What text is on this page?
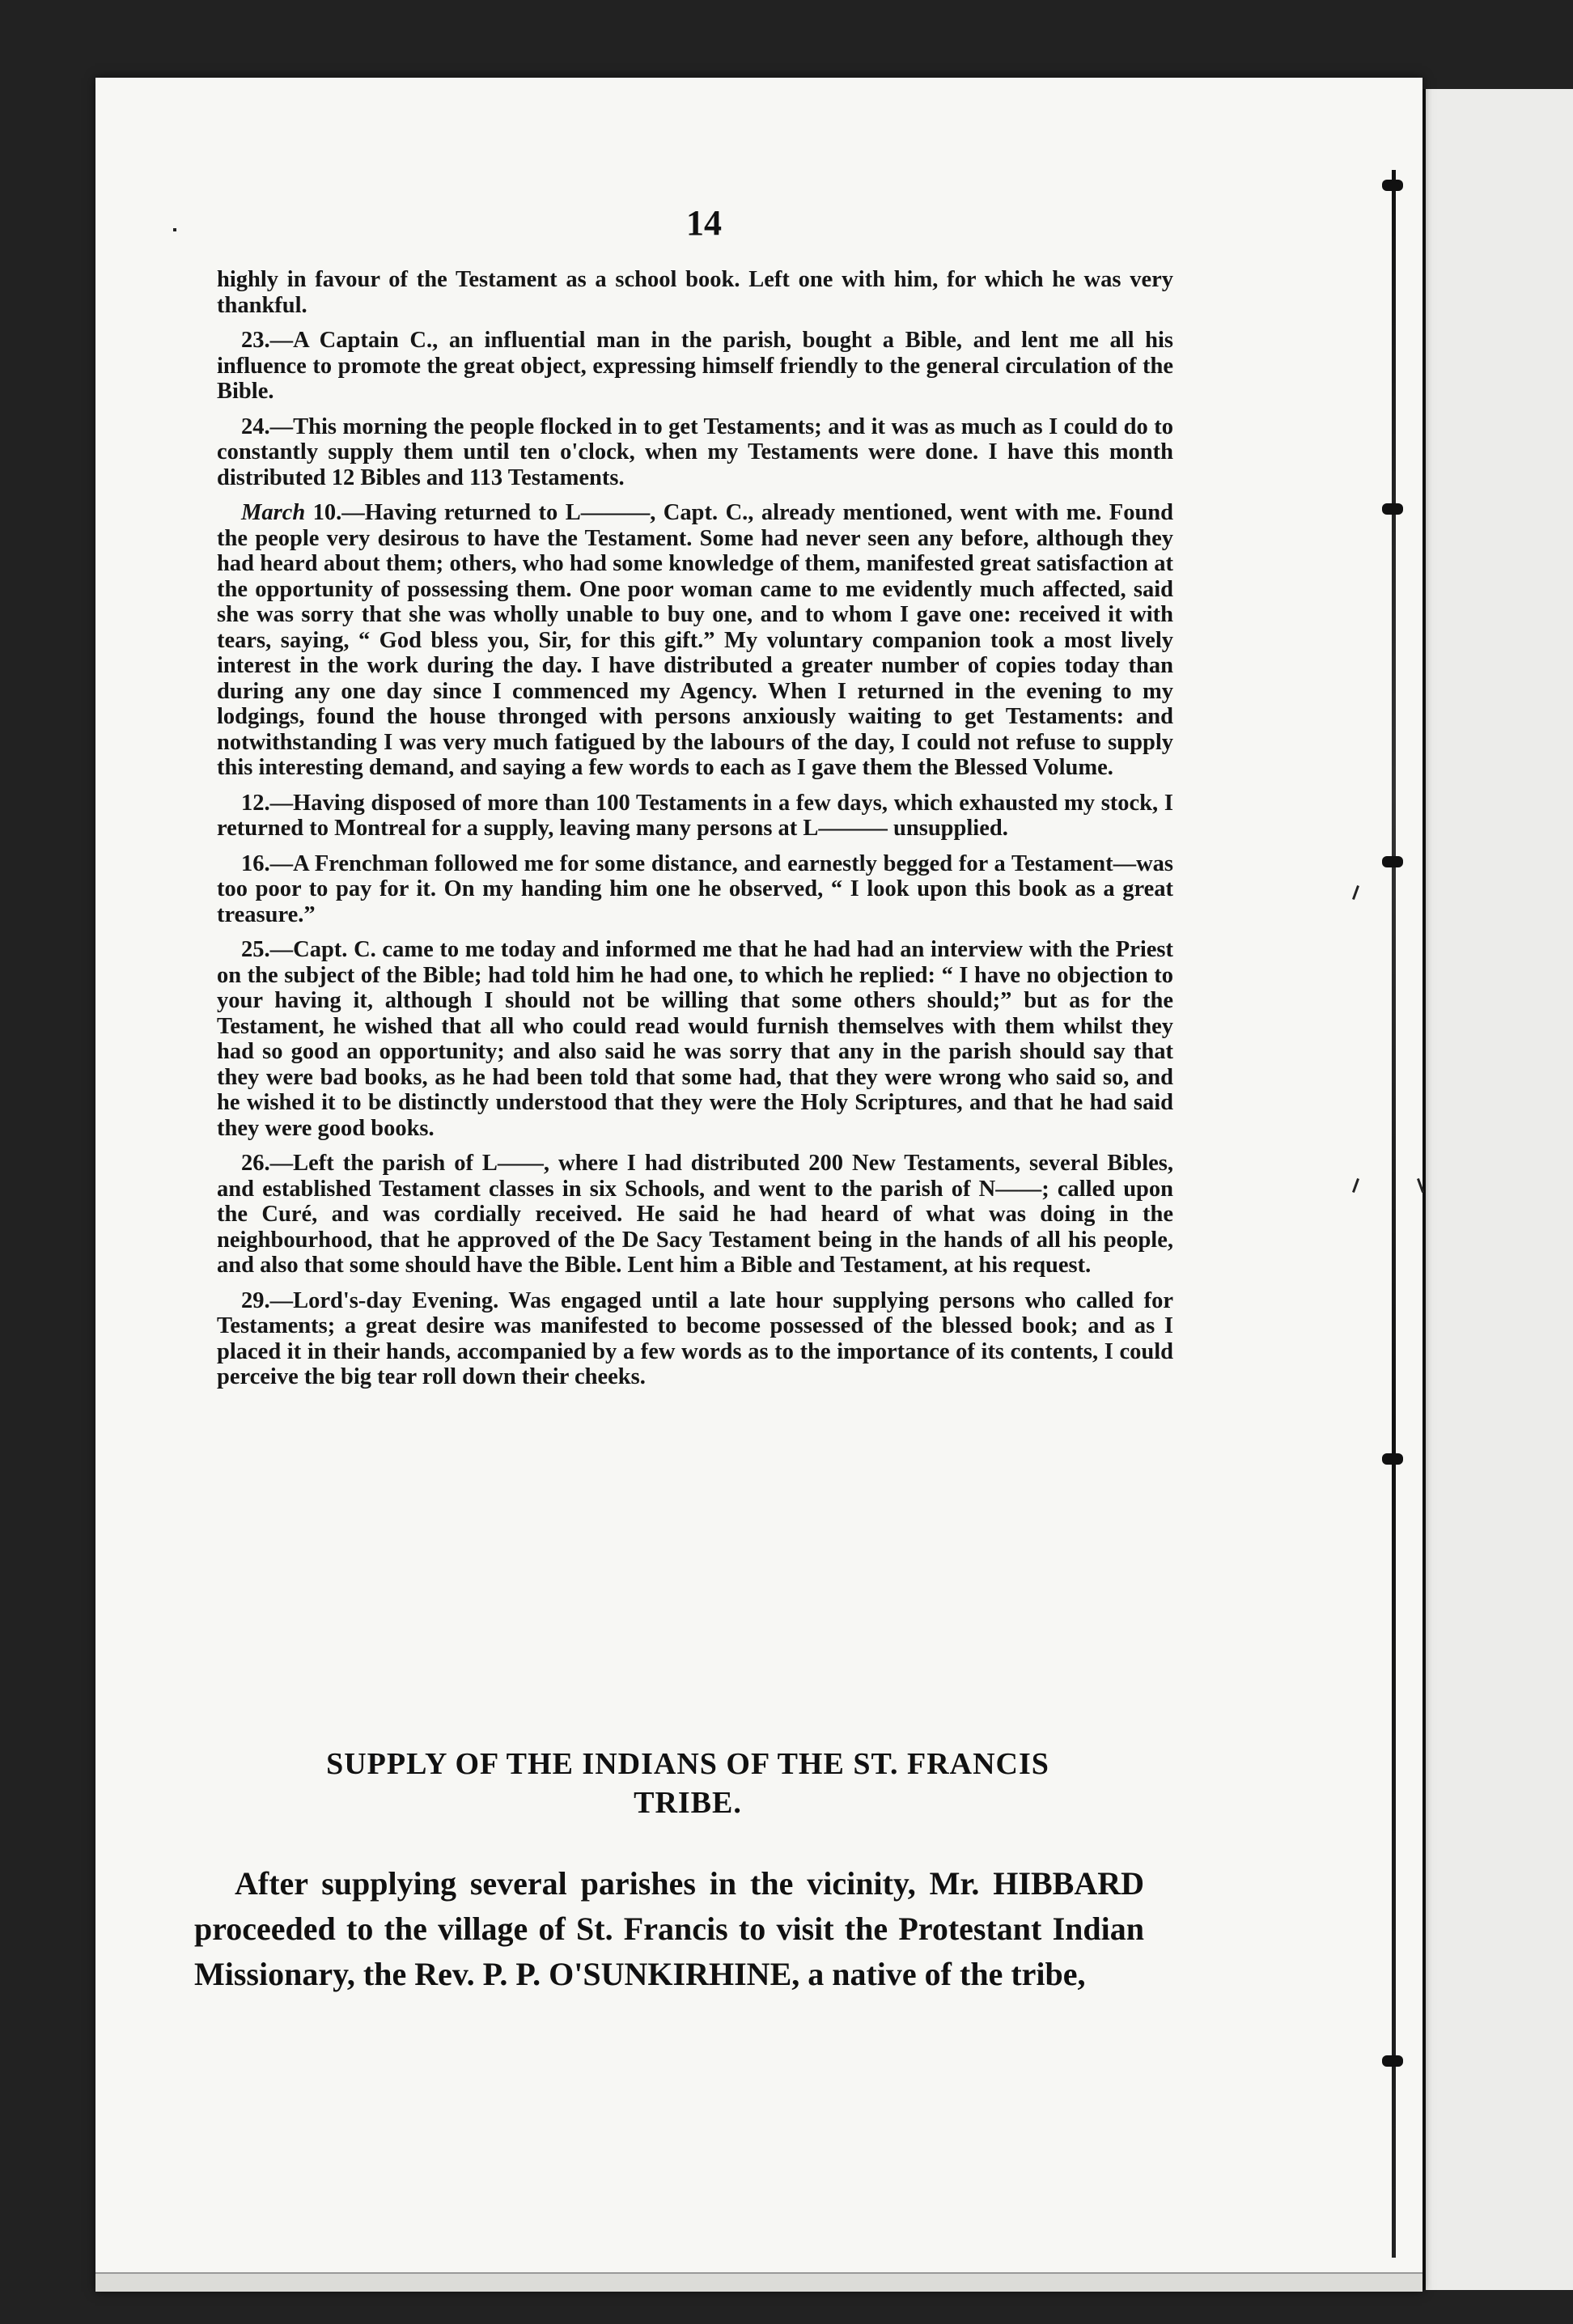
14

highly in favour of the Testament as a school book. Left one with him, for which he was very thankful.

23.—A Captain C., an influential man in the parish, bought a Bible, and lent me all his influence to promote the great object, expressing himself friendly to the general circulation of the Bible.

24.—This morning the people flocked in to get Testaments; and it was as much as I could do to constantly supply them until ten o'clock, when my Testaments were done. I have this month distributed 12 Bibles and 113 Testaments.

March 10.—Having returned to L———, Capt. C., already mentioned, went with me. Found the people very desirous to have the Testament. Some had never seen any before, although they had heard about them; others, who had some knowledge of them, manifested great satisfaction at the opportunity of possessing them. One poor woman came to me evidently much affected, said she was sorry that she was wholly unable to buy one, and to whom I gave one: received it with tears, saying, “ God bless you, Sir, for this gift.” My voluntary companion took a most lively interest in the work during the day. I have distributed a greater number of copies today than during any one day since I commenced my Agency. When I returned in the evening to my lodgings, found the house thronged with persons anxiously waiting to get Testaments: and notwithstanding I was very much fatigued by the labours of the day, I could not refuse to supply this interesting demand, and saying a few words to each as I gave them the Blessed Volume.

12.—Having disposed of more than 100 Testaments in a few days, which exhausted my stock, I returned to Montreal for a supply, leaving many persons at L——— unsupplied.

16.—A Frenchman followed me for some distance, and earnestly begged for a Testament—was too poor to pay for it. On my handing him one he observed, “ I look upon this book as a great treasure.”

25.—Capt. C. came to me today and informed me that he had had an interview with the Priest on the subject of the Bible; had told him he had one, to which he replied: “ I have no objection to your having it, although I should not be willing that some others should;” but as for the Testament, he wished that all who could read would furnish themselves with them whilst they had so good an opportunity; and also said he was sorry that any in the parish should say that they were bad books, as he had been told that some had, that they were wrong who said so, and he wished it to be distinctly understood that they were the Holy Scriptures, and that he had said they were good books.

26.—Left the parish of L——, where I had distributed 200 New Testaments, several Bibles, and established Testament classes in six Schools, and went to the parish of N——; called upon the Curé, and was cordially received. He said he had heard of what was doing in the neighbourhood, that he approved of the De Sacy Testament being in the hands of all his people, and also that some should have the Bible. Lent him a Bible and Testament, at his request.

29.—Lord's-day Evening. Was engaged until a late hour supplying persons who called for Testaments; a great desire was manifested to become possessed of the blessed book; and as I placed it in their hands, accompanied by a few words as to the importance of its contents, I could perceive the big tear roll down their cheeks.

SUPPLY OF THE INDIANS OF THE ST. FRANCIS
TRIBE.

After supplying several parishes in the vicinity, Mr. HIBBARD proceeded to the village of St. Francis to visit the Protestant Indian Missionary, the Rev. P. P. O'SUNKIRHINE, a native of the tribe,
